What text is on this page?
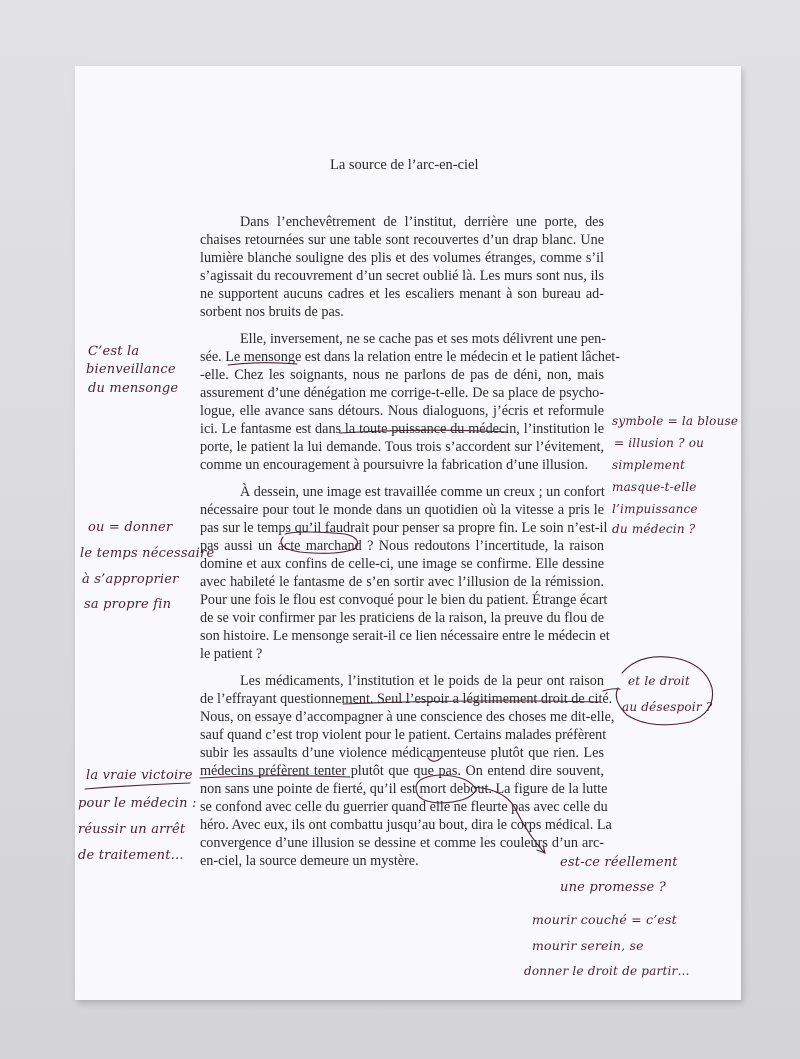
La source de l’arc-en-ciel
Dans l’enchevêtrement de l’institut, derrière une porte, des
chaises retournées sur une table sont recouvertes d’un drap blanc. Une
lumière blanche souligne des plis et des volumes étranges, comme s’il
s’agissait du recouvrement d’un secret oublié là. Les murs sont nus, ils
ne supportent aucuns cadres et les escaliers menant à son bureau ad-
sorbent nos bruits de pas.
Elle, inversement, ne se cache pas et ses mots délivrent une pen-
sée. Le mensonge est dans la relation entre le médecin et le patient lâchet-
-elle. Chez les soignants, nous ne parlons de pas de déni, non, mais
assurement d’une dénégation me corrige-t-elle. De sa place de psycho-
logue, elle avance sans détours. Nous dialoguons, j’écris et reformule
ici. Le fantasme est dans la toute puissance du médecin, l’institution le
porte, le patient la lui demande. Tous trois s’accordent sur l’évitement,
comme un encouragement à poursuivre la fabrication d’une illusion.
À dessein, une image est travaillée comme un creux ; un confort
nécessaire pour tout le monde dans un quotidien où la vitesse a pris le
pas sur le temps qu’il faudrait pour penser sa propre fin. Le soin n’est-il
pas aussi un acte marchand ? Nous redoutons l’incertitude, la raison
domine et aux confins de celle-ci, une image se confirme. Elle dessine
avec habileté le fantasme de s’en sortir avec l’illusion de la rémission.
Pour une fois le flou est convoqué pour le bien du patient. Étrange écart
de se voir confirmer par les praticiens de la raison, la preuve du flou de
son histoire. Le mensonge serait-il ce lien nécessaire entre le médecin et
le patient ?
Les médicaments, l’institution et le poids de la peur ont raison
de l’effrayant questionnement. Seul l’espoir a légitimement droit de cité.
Nous, on essaye d’accompagner à une conscience des choses me dit-elle,
sauf quand c’est trop violent pour le patient. Certains malades préfèrent
subir les assaults d’une violence médicamenteuse plutôt que rien. Les
médecins préfèrent tenter plutôt que que pas. On entend dire souvent,
non sans une pointe de fierté, qu’il est mort debout. La figure de la lutte
se confond avec celle du guerrier quand elle ne fleurte pas avec celle du
héro. Avec eux, ils ont combattu jusqu’au bout, dira le corps médical. La
convergence d’une illusion se dessine et comme les couleurs d’un arc-
en-ciel, la source demeure un mystère.
C’est la
bienveillance
du mensonge
ou = donner
le temps nécessaire
à s’approprier
sa propre fin
la vraie victoire
pour le médecin :
réussir un arrêt
de traitement…
symbole = la blouse
= illusion ? ou
simplement
masque-t-elle
l’impuissance
du médecin ?
et le droit
au désespoir ?
est-ce réellement
une promesse ?
mourir couché = c’est
mourir serein, se
donner le droit de partir…
